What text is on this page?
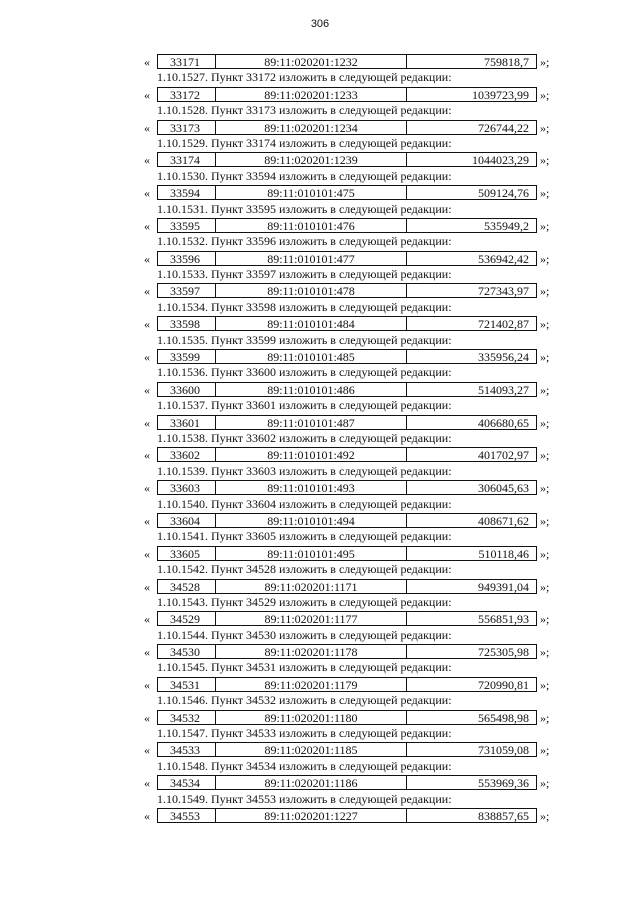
306
«	33171	89:11:020201:1232	759818,7 »;
1.10.1527. Пункт 33172 изложить в следующей редакции:
«	33172	89:11:020201:1233	1039723,99 »;
1.10.1528. Пункт 33173 изложить в следующей редакции:
«	33173	89:11:020201:1234	726744,22 »;
1.10.1529. Пункт 33174 изложить в следующей редакции:
«	33174	89:11:020201:1239	1044023,29 »;
1.10.1530. Пункт 33594 изложить в следующей редакции:
«	33594	89:11:010101:475	509124,76 »;
1.10.1531. Пункт 33595 изложить в следующей редакции:
«	33595	89:11:010101:476	535949,2 »;
1.10.1532. Пункт 33596 изложить в следующей редакции:
«	33596	89:11:010101:477	536942,42 »;
1.10.1533. Пункт 33597 изложить в следующей редакции:
«	33597	89:11:010101:478	727343,97 »;
1.10.1534. Пункт 33598 изложить в следующей редакции:
«	33598	89:11:010101:484	721402,87 »;
1.10.1535. Пункт 33599 изложить в следующей редакции:
«	33599	89:11:010101:485	335956,24 »;
1.10.1536. Пункт 33600 изложить в следующей редакции:
«	33600	89:11:010101:486	514093,27 »;
1.10.1537. Пункт 33601 изложить в следующей редакции:
«	33601	89:11:010101:487	406680,65 »;
1.10.1538. Пункт 33602 изложить в следующей редакции:
«	33602	89:11:010101:492	401702,97 »;
1.10.1539. Пункт 33603 изложить в следующей редакции:
«	33603	89:11:010101:493	306045,63 »;
1.10.1540. Пункт 33604 изложить в следующей редакции:
«	33604	89:11:010101:494	408671,62 »;
1.10.1541. Пункт 33605 изложить в следующей редакции:
«	33605	89:11:010101:495	510118,46 »;
1.10.1542. Пункт 34528 изложить в следующей редакции:
«	34528	89:11:020201:1171	949391,04 »;
1.10.1543. Пункт 34529 изложить в следующей редакции:
«	34529	89:11:020201:1177	556851,93 »;
1.10.1544. Пункт 34530 изложить в следующей редакции:
«	34530	89:11:020201:1178	725305,98 »;
1.10.1545. Пункт 34531 изложить в следующей редакции:
«	34531	89:11:020201:1179	720990,81 »;
1.10.1546. Пункт 34532 изложить в следующей редакции:
«	34532	89:11:020201:1180	565498,98 »;
1.10.1547. Пункт 34533 изложить в следующей редакции:
«	34533	89:11:020201:1185	731059,08 »;
1.10.1548. Пункт 34534 изложить в следующей редакции:
«	34534	89:11:020201:1186	553969,36 »;
1.10.1549. Пункт 34553 изложить в следующей редакции:
«	34553	89:11:020201:1227	838857,65 »;
